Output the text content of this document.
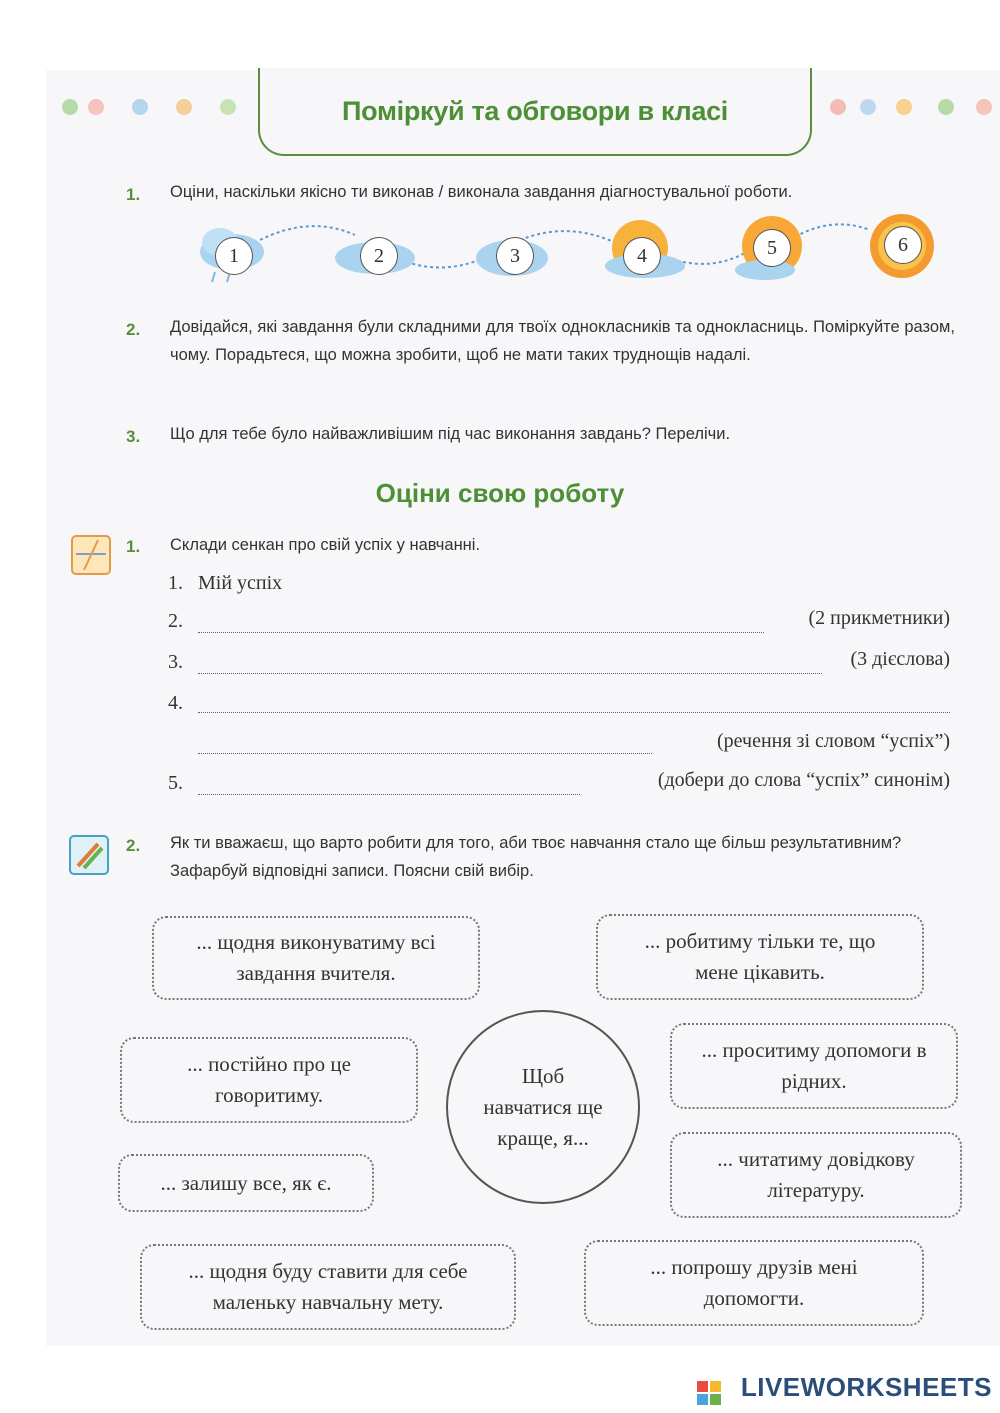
Поміркуй та обговори в класі
1. Оціни, наскільки якісно ти виконав / виконала завдання діагностувальної роботи.
1	2	3	4	5	6
2. Довідайся, які завдання були складними для твоїх однокласників та однокласниць. Поміркуйте разом, чому. Порадьтеся, що можна зробити, щоб не мати таких труднощів надалі.
3. Що для тебе було найважливішим під час виконання завдань? Перелічи.
Оціни свою роботу
1. Склади сенкан про свій успіх у навчанні.
1. Мій успіх
2.	(2 прикметники)
3.	(3 дієслова)
4.
(речення зі словом “успіх”)
5.	(добери до слова “успіх” синонім)
2. Як ти вважаєш, що варто робити для того, аби твоє навчання стало ще більш результативним? Зафарбуй відповідні записи. Поясни свій вибір.
... щодня виконуватиму всі завдання вчителя.
... робитиму тільки те, що мене цікавить.
... постійно про це говоритиму.
... проситиму допомоги в рідних.
... залишу все, як є.
... читатиму довідкову літературу.
... щодня буду ставити для себе маленьку навчальну мету.
... попрошу друзів мені допомогти.
Щоб навчатися ще краще, я...
LIVEWORKSHEETS
